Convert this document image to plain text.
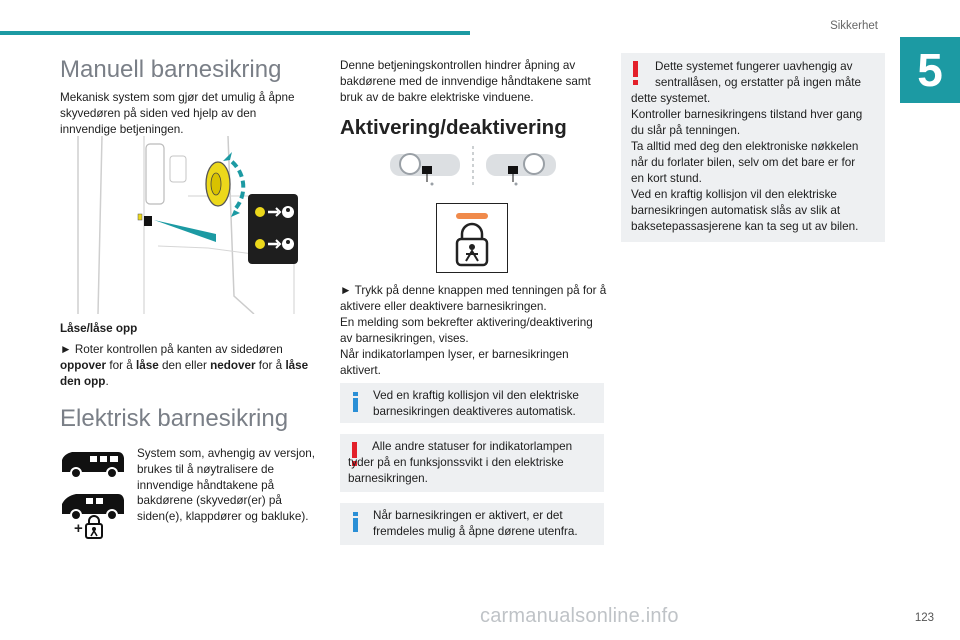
Sikkerhet
5
Manuell barnesikring
Mekanisk system som gjør det umulig å åpne skyvedøren på siden ved hjelp av den innvendige betjeningen.
Låse/låse opp
► Roter kontrollen på kanten av sidedøren oppover for å låse den eller nedover for å låse den opp.
Elektrisk barnesikring
+
System som, avhengig av versjon, brukes til å nøytralisere de innvendige håndtakene på bakdørene (skyvedør(er) på siden(e), klappdører og bakluke).
Denne betjeningskontrollen hindrer åpning av bakdørene med de innvendige håndtakene samt bruk av de bakre elektriske vinduene.
Aktivering/deaktivering
► Trykk på denne knappen med tenningen på for å aktivere eller deaktivere barnesikringen.
En melding som bekrefter aktivering/deaktivering av barnesikringen, vises.
Når indikatorlampen lyser, er barnesikringen aktivert.
Ved en kraftig kollisjon vil den elektriske barnesikringen deaktiveres automatisk.
Alle andre statuser for indikatorlampen tyder på en funksjonssvikt i den elektriske barnesikringen.
Når barnesikringen er aktivert, er det fremdeles mulig å åpne dørene utenfra.
Dette systemet fungerer uavhengig av
sentrallåsen, og erstatter på ingen måte
dette systemet.
Kontroller barnesikringens tilstand hver gang
du slår på tenningen.
Ta alltid med deg den elektroniske nøkkelen
når du forlater bilen, selv om det bare er for
en kort stund.
Ved en kraftig kollisjon vil den elektriske
barnesikringen automatisk slås av slik at
baksetepassasjerene kan ta seg ut av bilen.
carmanualsonline.info	123
